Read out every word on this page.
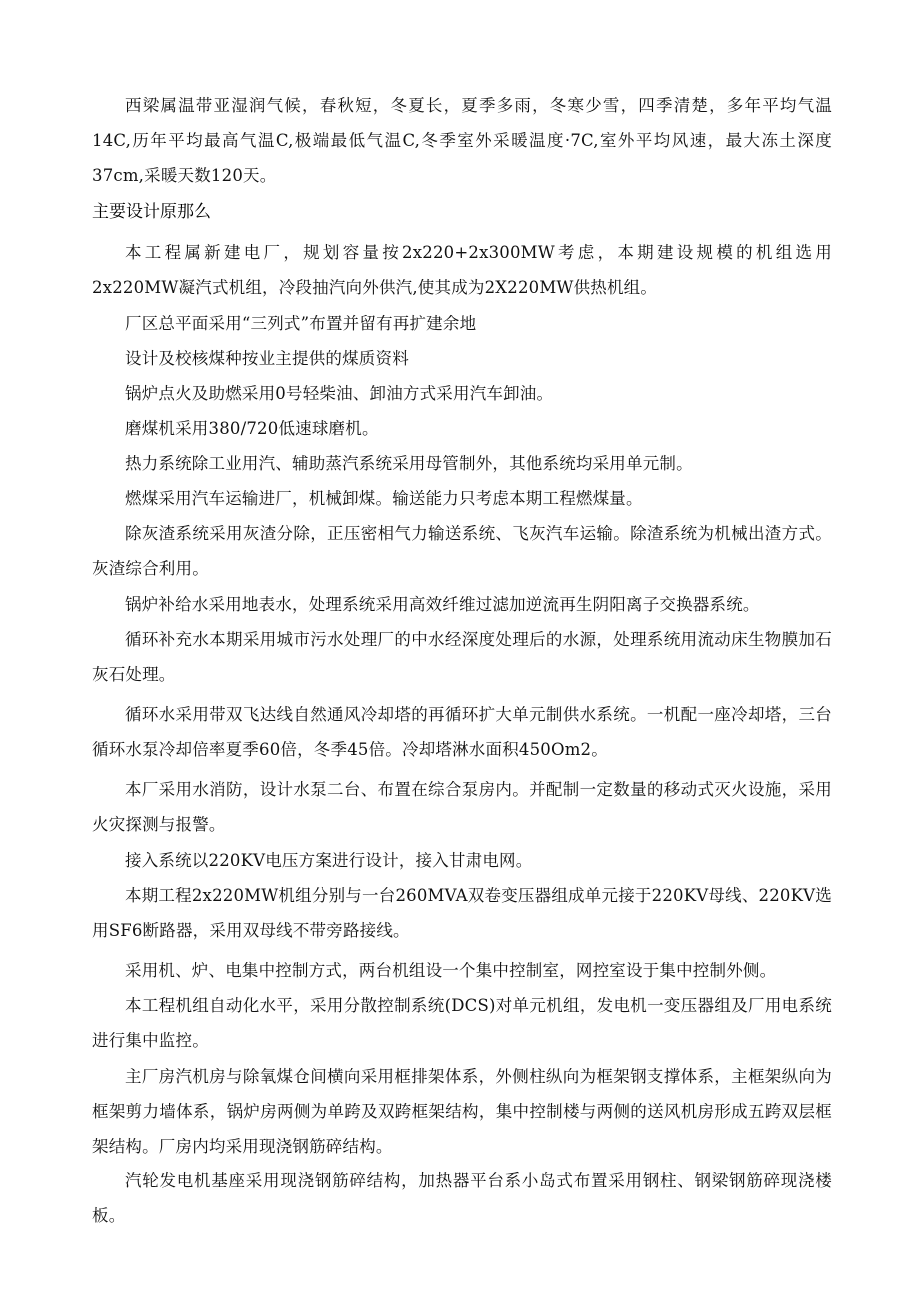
西梁属温带亚湿润气候，春秋短，冬夏长，夏季多雨，冬寒少雪，四季清楚，多年平均气温14C,历年平均最高气温C,极端最低气温C,冬季室外采暖温度·7C,室外平均风速，最大冻土深度37cm,采暖天数120天。

主要设计原那么

本工程属新建电厂，规划容量按2x220+2x300MW考虑，本期建设规模的机组选用2x220MW凝汽式机组，冷段抽汽向外供汽,使其成为2X220MW供热机组。

厂区总平面采用“三列式”布置并留有再扩建余地

设计及校核煤种按业主提供的煤质资料

锅炉点火及助燃采用0号轻柴油、卸油方式采用汽车卸油。

磨煤机采用380/720低速球磨机。

热力系统除工业用汽、辅助蒸汽系统采用母管制外，其他系统均采用单元制。

燃煤采用汽车运输进厂，机械卸煤。输送能力只考虑本期工程燃煤量。

除灰渣系统采用灰渣分除，正压密相气力输送系统、飞灰汽车运输。除渣系统为机械出渣方式。灰渣综合利用。

锅炉补给水采用地表水，处理系统采用高效纤维过滤加逆流再生阴阳离子交换器系统。

循环补充水本期采用城市污水处理厂的中水经深度处理后的水源，处理系统用流动床生物膜加石灰石处理。

循环水采用带双飞达线自然通风冷却塔的再循环扩大单元制供水系统。一机配一座冷却塔，三台循环水泵冷却倍率夏季60倍，冬季45倍。冷却塔淋水面积450Om2。

本厂采用水消防，设计水泵二台、布置在综合泵房内。并配制一定数量的移动式灭火设施，采用火灾探测与报警。

接入系统以220KV电压方案进行设计，接入甘肃电网。

本期工程2x220MW机组分别与一台260MVA双卷变压器组成单元接于220KV母线、220KV选用SF6断路器，采用双母线不带旁路接线。

采用机、炉、电集中控制方式，两台机组设一个集中控制室，网控室设于集中控制外侧。

本工程机组自动化水平，采用分散控制系统(DCS)对单元机组，发电机一变压器组及厂用电系统进行集中监控。

主厂房汽机房与除氧煤仓间横向采用框排架体系，外侧柱纵向为框架钢支撑体系，主框架纵向为框架剪力墙体系，锅炉房两侧为单跨及双跨框架结构，集中控制楼与两侧的送风机房形成五跨双层框架结构。厂房内均采用现浇钢筋碎结构。

汽轮发电机基座采用现浇钢筋碎结构，加热器平台系小岛式布置采用钢柱、钢梁钢筋碎现浇楼板。
